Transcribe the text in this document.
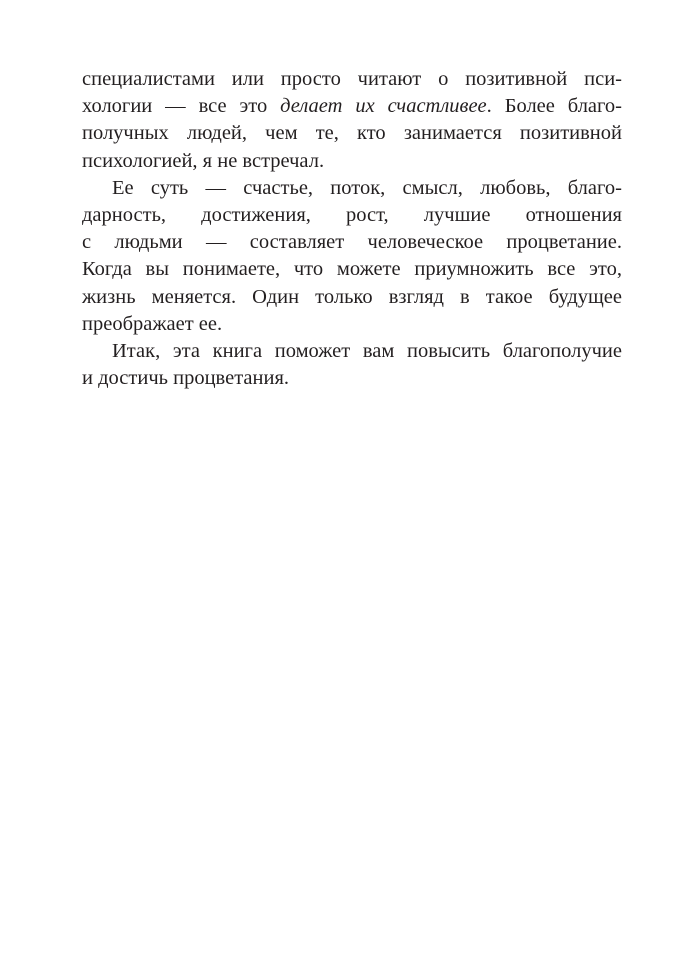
специалистами или просто читают о позитивной пси-
хологии — все это делает их счастливее. Более благо-
получных людей, чем те, кто занимается позитивной
психологией, я не встречал.
Ее суть — счастье, поток, смысл, любовь, благо-
дарность, достижения, рост, лучшие отношения
с людьми — составляет человеческое процветание.
Когда вы понимаете, что можете приумножить все это,
жизнь меняется. Один только взгляд в такое будущее
преображает ее.
Итак, эта книга поможет вам повысить благополучие
и достичь процветания.
